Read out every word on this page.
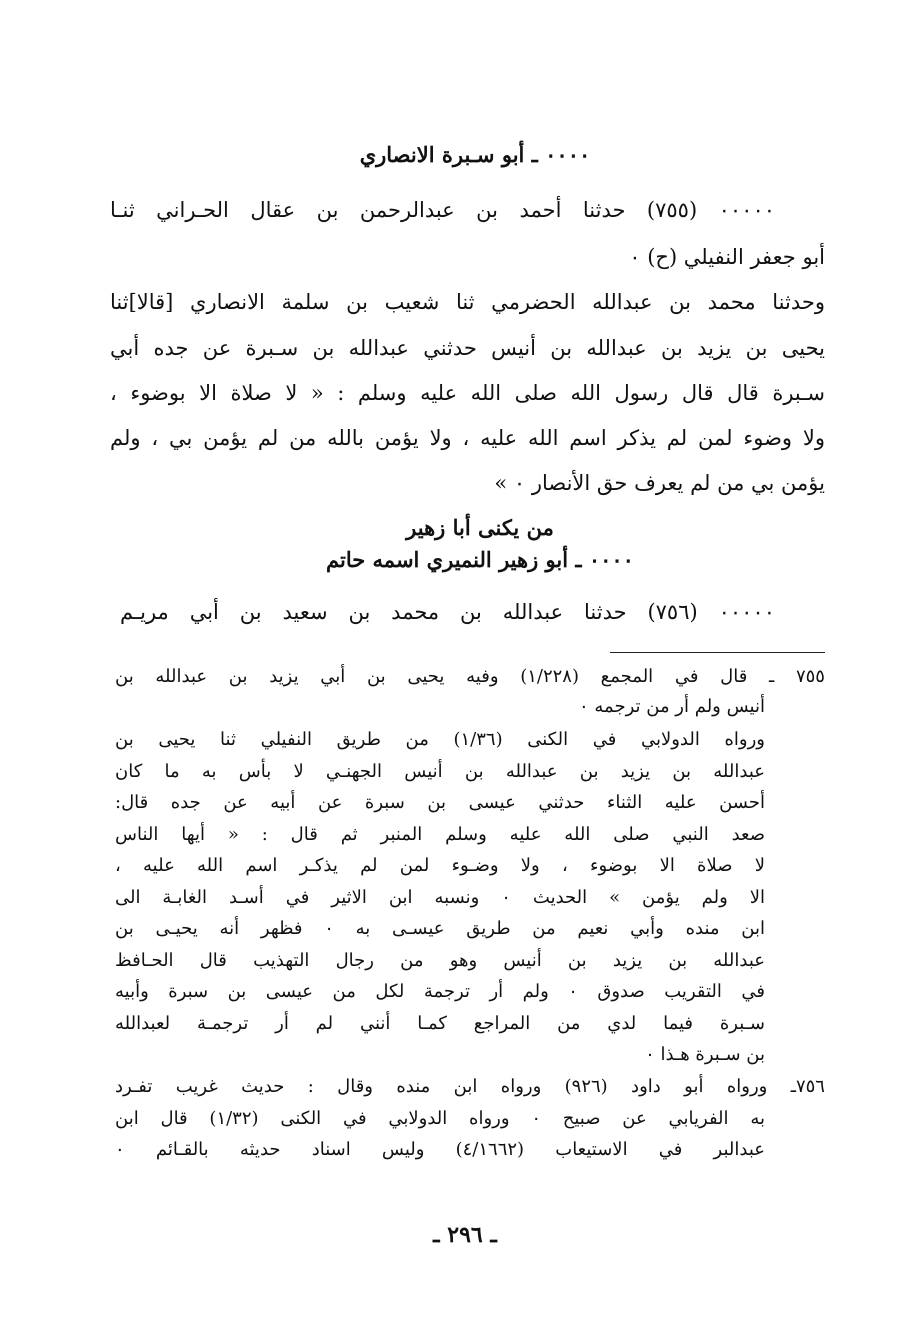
٠٠٠٠ ـ أبو سـبرة الانصاري
٠٠٠٠٠ (٧٥٥) حدثنا أحمد بن عبدالرحمن بن عقال الحـراني ثنـا
أبو جعفر النفيلي (ح) ٠
وحدثنا محمد بن عبدالله الحضرمي ثنا شعيب بن سلمة الانصاري [قالا]ثنا
يحيى بن يزيد بن عبدالله بن أنيس حدثني عبدالله بن سـبرة عن جده أبي
سـبرة قال قال رسول الله صلى الله عليه وسلم : « لا صلاة الا بوضوء ،
ولا وضوء لمن لم يذكر اسم الله عليه ، ولا يؤمن بالله من لم يؤمن بي ، ولم
يؤمن بي من لم يعرف حق الأنصار ٠ »
من يكنى أبا زهير
٠٠٠٠ ـ أبو زهير النميري اسمه حاتم
٠٠٠٠٠ (٧٥٦) حدثنا عبدالله بن محمد بن سعيد بن أبي مريـم
٧٥٥ ـ قال في المجمع (١/٢٢٨) وفيه يحيى بن أبي يزيد بن عبدالله بن
أنيس ولم أر من ترجمه ٠
ورواه الدولابي في الكنى (١/٣٦) من طريق النفيلي ثنا يحيى بن
عبدالله بن يزيد بن عبدالله بن أنيس الجهنـي لا بأس به ما كان
أحسن عليه الثناء حدثني عيسى بن سبرة عن أبيه عن جده قال:
صعد النبي صلى الله عليه وسلم المنبر ثم قال : « أيها الناس
لا صلاة الا بوضوء ، ولا وضـوء لمن لم يذكـر اسم الله عليه ،
الا ولم يؤمن » الحديث ٠ ونسبه ابن الاثير في أسـد الغابـة الى
ابن منده وأبي نعيم من طريق عيسـى به ٠ فظهر أنه يحيـى بن
عبدالله بن يزيد بن أنيس وهو من رجال التهذيب قال الحـافظ
في التقريب صدوق ٠ ولم أر ترجمة لكل من عيسى بن سبرة وأبيه
سـبرة فيما لدي من المراجع كمـا أنني لم أر ترجمـة لعبدالله
بن سـبرة هـذا ٠
٧٥٦ـ ورواه أبو داود (٩٢٦) ورواه ابن منده وقال : حديث غريب تفـرد
به الفريابي عن صبيح ٠ ورواه الدولابي في الكنى (١/٣٢) قال ابن
عبدالبر في الاستيعاب (٤/١٦٦٢) وليس اسناد حديثه بالقـائم ٠
ـ ٢٩٦ ـ
